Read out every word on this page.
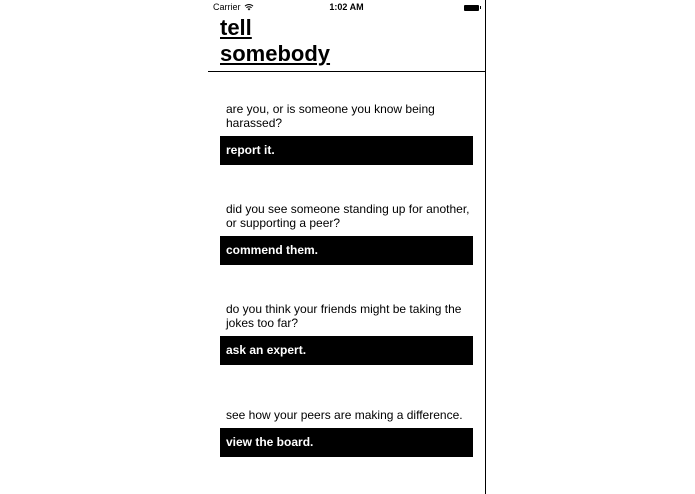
Carrier	1:02 AM
tell
somebody
are you, or is someone you know being harassed?
report it.
did you see someone standing up for another, or supporting a peer?
commend them.
do you think your friends might be taking the jokes too far?
ask an expert.
see how your peers are making a difference.
view the board.
